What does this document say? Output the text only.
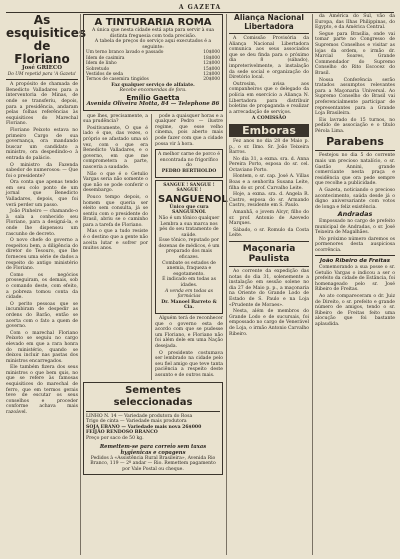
A GAZETA

As esquisitices de Floriano
José GRIECO
Do UM repetid para 'A Gazeta'

A propósito de chamada de Benedicto Valladares para a interventoria de Minas, de onde se transferiu, depois, para a presidência, andaram pelas folhas referências às esquisitices do Marechal Floriano.

Floriano Peixoto estava no primeiro Cargo de sua governança, ora mandando buscar um candidato a ministro, ora despedindo-o à entrada do palácio.

O ministro da Fazenda sabedor de numerosos: — Que foi o presidente?

Ora conta que apenas tendo em seu colo ponto de um jornal que Benedicto Valladares, depois, que foi verá perder um passo.

João Pinheiro — chamando-o à sala a conhecido seu Floriano, para a designá-la, e onde lhe dispensou um rascunho de decreto.

O novo chefe do governo a respeitou bem, a diligência do diretor do Tesouro, que lhe forneceu uma série de dados a respeito do antigo ministério de Floriano.

Como os negócios prosseguiram, os demais, sob o comando deste, com efeito, a pobreza tomou conta da cidade.

O perito pessoas que se incumbiram de despedir as ordens do Barão, então se acerta com o fato a quem de governo.

Com o marechal Floriano Peixoto se seguiu no cargo elevado em que a rara honra do ministério, quando se deixou incluir nas pastas dos ministros encarregados.

Ele também fizera dos seus ministros o que bem quis, no que se refere às famosas esquisitices do marechal de ferro, que em termos gerais teve de escutar os seus conselhos e proceder conforme achava mais razoável.

A TINTURARIA ROMA
A única que nesta cidade está apta para servir à sua distinta freguesia com toda precisão.
A tabela de preços do serviço aqui executados é a seguinte:
Um terno branco lavado e passado	10$000
Idem de casimira	18$000
Idem de linho	12$000
Sobretudo	15$000
Vestidos de seda	12$000
Ternos de casemira tingidos	20$000
Faz qualquer serviço de alfaiate.
Recebe encomendas de fora.
Emílio Gaetta
Avenida Oliveira Motta, 84 — Telephone 86

que lhes, precisamente, a sua prudência?

Positivamente, O que é lado é que, das vezes, o próprio se afastado uma só vez, com o que era Benedicto Valladares, e o governo, em que me comprometera a parte, nasceria a saudade.

Não o que é o Getulio Vargas seria não somente o que não se pode conferir o desembargo.

Pouco tempo depois, o homem que queria ser eleito sem consulta, já se sentiu com o presidente do Brasil, abriu se o caminho para a tarefa de Floriano.

Mas o que a tudo resiste é o destino que a gente não aceita lutar e sofrer por muitos anos.

pode a quaisquer horas e a qualquer Pedro — ilustre regime, que esse velho cinema, pois aberto mais pode fazer com que a cidade possa vir à hora.

A melhor carne de porco é encontrada no frigorífico do
PEDRO BERTHOLDO
SANGUE ! SANGUE ! SANGUE !
SANGUENOL
Único que cura SANGUENOL
Não é um tônico qualquer
Lembra a sua marca nos pés do seu tratamento de saúde.
Esse tônico, reputado por dezenas de médicos, é um preparado dos mais eficazes.
Combate os estados de anemia, fraqueza e esgotamento.
É indicado em todas as idades.
A venda em todas as farmácias
Dr. Manoel Barreto & Cia.

Alguém terá de reconhecer que o governo esta de acordo com que se pudesse um Floriano, e Floriano não foi além dele em uma Nação desejada.

O presidente costumava ser lembrado na cidade pelo seu fiel amigo que teve tanta paciência a respeito deste assunto e de outros mais.

Sementes seleccionadas
LINHO N. 14 — Variedade produtora do Rosa
Trigo de cinta — Variedade mais produtora
SOJA EBANO — Variedade mais nova 26$000
FEIJÃO RENDOSO BRANCO
Preço por saco de 50 kg.
Remettem-se para correio sem taxas hygienicas e copagens
Pedidos à «Assistência Rural Brasileira», Avenida Rio Branco, 119 — 2º andar — Rio. Remettem pagamento por Vale Postal ou cheque.
Aliança Nacional Libertadora

A Comissão Provisória da Aliança Nacional Libertadora comunica aos seus associados que se deu finda para o próximo dia 8 (sábado), impreterivelmente, a instalação da sede social e organização do Diretório local.

Outrosim, avisa aos companheiros que o delegado da polícia em exercício a Aliança N. Libertadora para distribuir boletins de propaganda e realizar a arrecadação de serviços.

A COMISSÃO
Emboras

Fez anos no dia 28 de Maio p. p., o sr. Ilmo. Sr. João Teixeira Barros.

No dia 31, a exma. sra. d. Anna Pereira Porto, esposa do sr. cel. Octaviano Porto.

Hontem, o sr. cap. José A. Villas Boas e a senhorita Susana Leite, filha do sr. prof. Carvalho Leite.

Hoje, a exma. sra. d. Angela R. Castro, esposa do sr. Armando Castro, residente em S. Paulo.

Amanhã, o jovem Alcyr, filho do sr. prof. Antonio de Azevedo Marques.

Sábado, o sr. Romulo da Costa Leite.

Maçonaria Paulista

Ao corrente da expedição das notas do dia 31, solenemente a instalação em sessão solene no dia 27 de Maio p. p., a maçonaria na Oriente do Grande Lodo de Estado de S. Paulo e na Loja «Prudente de Moraes».

Nesta, além de membros do Grande Lodo e de sucursais, foi empossado no cargo de Venerável de Loja, o irmão Antonio Carvalho Ribeiro.

da América do Sul, vão da Europa, das Ilhas Philippinas, do Egypto, e da América Central.

Segue para Brasília, onde vai tomar parte no Congresso de Supremos Conselhos e visitar as lojas da ordem, o irmão dr. Marcial Soares, Grande Commendador do Supremo Conselho do Rito Escocez do Brasil.

Nossa Conferência serão tratados assumptos relevantes para a Maçonaria Universal. Ao Supremo Conselho do Brasil vai preferencialmente participar de representantes para a Grande Loja Brasileira.

Eis lavrado do 15 turnos, no pedido de associação e o título Pérola Lima.

Parabens

Festejou no dia 5 do corrente mais um precioso natalício, o sr. Gastão Annini, grande comerciante nesta praça e residência que ora pede sempre que recolhe a publicidade.

A Gazeta, noticiando o precioso acontecimento, saúda desde já o digno aniversariante com votos de longa e feliz existência.

Andradas

Empossado no cargo de prefeito municipal de Andradas, o sr. José Teixeira de Magalhães.

No próximo número daremos os pormenores desta auspiciosa ocorrência.

João Ribeiro de Freitas

Comemorando a sua posse o sr. Getulio Vargas o indicou a ser o prefeito da cidade de Estância, foi homenageado pelo sr. José Ribeiro de Freitas.

Ao ato compareceram o dr. Juiz de Direito, o sr. prefeito e grande número de amigos, tendo o sr. Ribeiro de Freitas feito uma alocução que foi bastante aplaudida.
